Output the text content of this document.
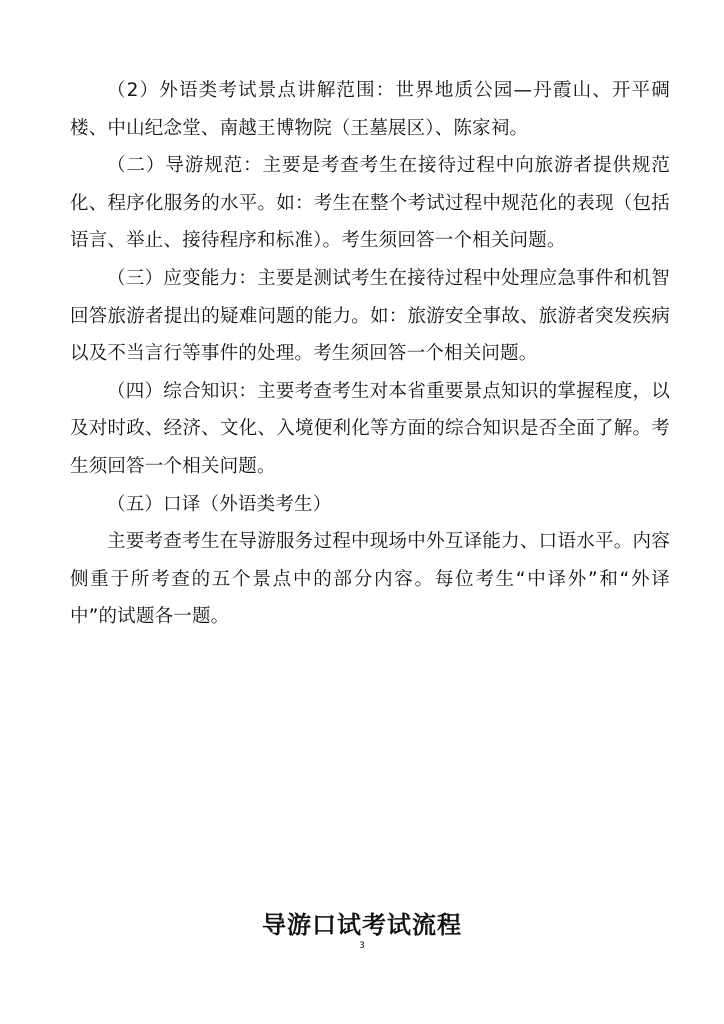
（2）外语类考试景点讲解范围：世界地质公园—丹霞山、开平碉楼、中山纪念堂、南越王博物院（王墓展区）、陈家祠。

（二）导游规范：主要是考查考生在接待过程中向旅游者提供规范化、程序化服务的水平。如：考生在整个考试过程中规范化的表现（包括语言、举止、接待程序和标准）。考生须回答一个相关问题。

（三）应变能力：主要是测试考生在接待过程中处理应急事件和机智回答旅游者提出的疑难问题的能力。如：旅游安全事故、旅游者突发疾病以及不当言行等事件的处理。考生须回答一个相关问题。

（四）综合知识：主要考查考生对本省重要景点知识的掌握程度，以及对时政、经济、文化、入境便利化等方面的综合知识是否全面了解。考生须回答一个相关问题。

（五）口译（外语类考生）

主要考查考生在导游服务过程中现场中外互译能力、口语水平。内容侧重于所考查的五个景点中的部分内容。每位考生“中译外”和“外译中”的试题各一题。

导游口试考试流程
3
